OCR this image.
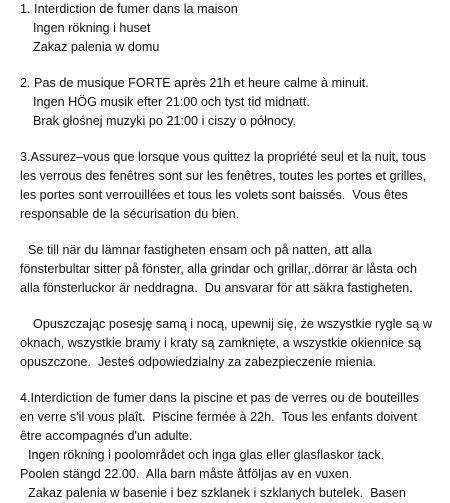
1. Interdiction de fumer dans la maison
Ingen rökning i huset
Zakaz palenia w domu
2. Pas de musique FORTE après 21h et heure calme à minuit.
Ingen HÖG musik efter 21:00 och tyst tid midnatt.
Brak głośnej muzyki po 21:00 i ciszy o północy.
3.Assurez–vous que lorsque vous quittez la propriété seul et la nuit, tous
les verrous des fenêtres sont sur les fenêtres, toutes les portes et grilles,
les portes sont verrouillées et tous les volets sont baissés.  Vous êtes
responsable de la sécurisation du bien.
Se till när du lämnar fastigheten ensam och på natten, att alla
fönsterbultar sitter på fönster, alla grindar och grillar,.dörrar är låsta och
alla fönsterluckor är neddragna.  Du ansvarar för att säkra fastigheten.
Opuszczając posesję samą i nocą, upewnij się, że wszystkie rygle są w
oknach, wszystkie bramy i kraty są zamknięte, a wszystkie okiennice są
opuszczone.  Jesteś odpowiedzialny za zabezpieczenie mienia.
4.Interdiction de fumer dans la piscine et pas de verres ou de bouteilles
en verre s'il vous plaît.  Piscine fermée à 22h.  Tous les enfants doivent
être accompagnés d'un adulte.
Ingen rökning i poolområdet och inga glas eller glasflaskor tack.
Poolen stängd 22.00.  Alla barn måste åtföljas av en vuxen.
Zakaz palenia w basenie i bez szklanek i szklanych butelek.  Basen
